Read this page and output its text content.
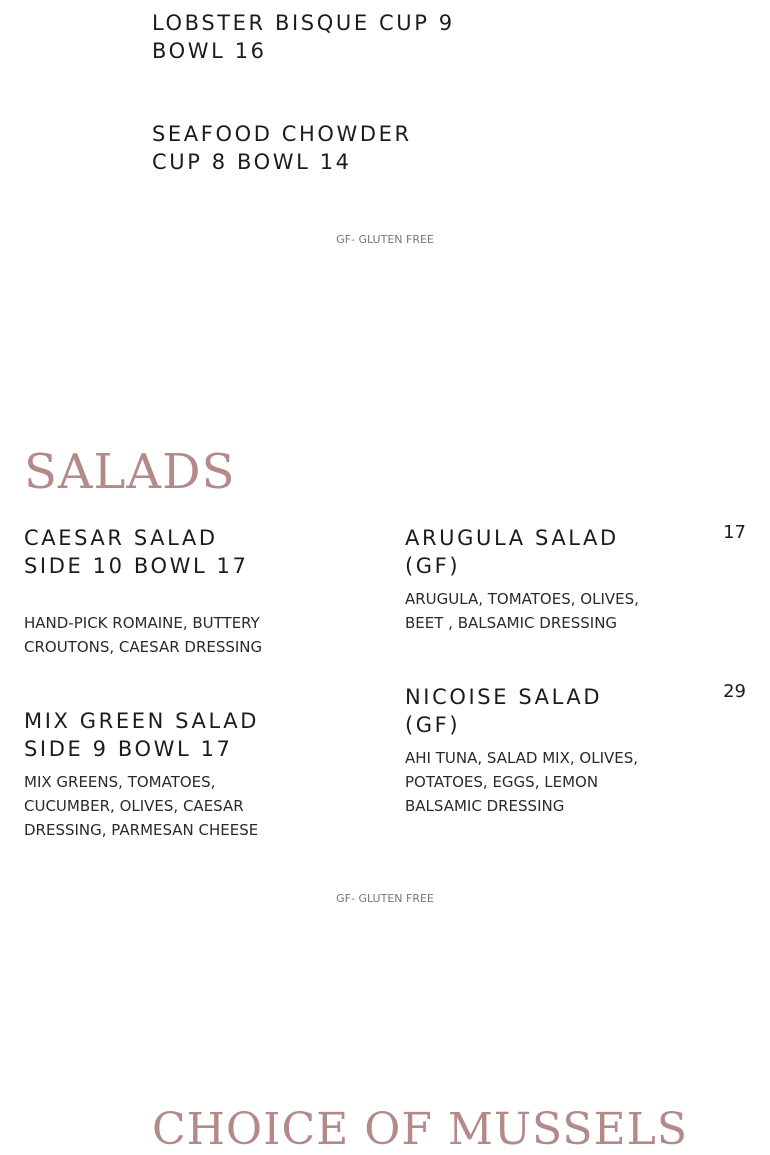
LOBSTER BISQUE CUP 9

BOWL 16

SEAFOOD CHOWDER

CUP 8 BOWL 14

GF- GLUTEN FREE
SALADS

CAESAR SALAD

SIDE 10 BOWL 17

HAND-PICK ROMAINE, BUTTERY

CROUTONS, CAESAR DRESSING

MIX GREEN SALAD

SIDE 9 BOWL 17

MIX GREENS, TOMATOES,

CUCUMBER, OLIVES, CAESAR

DRESSING, PARMESAN CHEESE

ARUGULA SALAD

(GF)

17

ARUGULA, TOMATOES, OLIVES,

BEET , BALSAMIC DRESSING

NICOISE SALAD

(GF)

29

AHI TUNA, SALAD MIX, OLIVES,

POTATOES, EGGS, LEMON

BALSAMIC DRESSING

GF- GLUTEN FREE
CHOICE OF MUSSELS
